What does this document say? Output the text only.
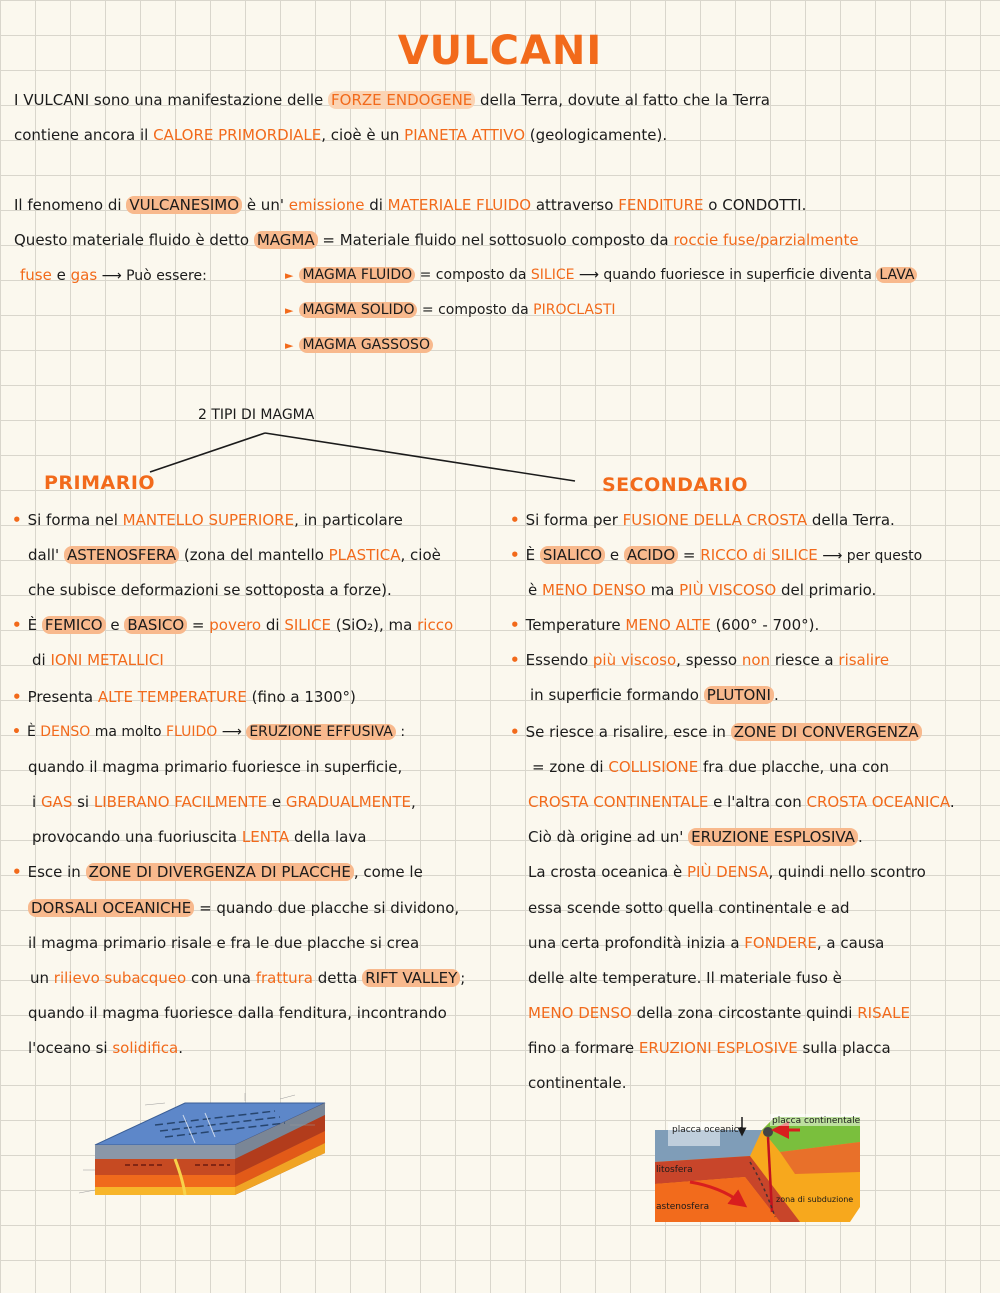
VULCANI
I VULCANI sono una manifestazione delle FORZE ENDOGENE della Terra, dovute al fatto che la Terra
contiene ancora il CALORE PRIMORDIALE, cioè è un PIANETA ATTIVO (geologicamente).
Il fenomeno di VULCANESIMO è un' emissione di MATERIALE FLUIDO attraverso FENDITURE o CONDOTTI.
Questo materiale fluido è detto MAGMA = Materiale fluido nel sottosuolo composto da roccie fuse/parzialmente
fuse e gas ⟶ Può essere:	► MAGMA FLUIDO = composto da SILICE ⟶ quando fuoriesce in superficie diventa LAVA
► MAGMA SOLIDO = composto da PIROCLASTI
► MAGMA GASSOSO
2 TIPI DI MAGMA
PRIMARIO	SECONDARIO
• Si forma nel MANTELLO SUPERIORE, in particolare
dall' ASTENOSFERA (zona del mantello PLASTICA, cioè
che subisce deformazioni se sottoposta a forze).
• È FEMICO e BASICO = povero di SILICE (SiO₂), ma ricco
di IONI METALLICI
• Presenta ALTE TEMPERATURE (fino a 1300°)
• È DENSO ma molto FLUIDO ⟶ ERUZIONE EFFUSIVA :
quando il magma primario fuoriesce in superficie,
i GAS si LIBERANO FACILMENTE e GRADUALMENTE,
provocando una fuoriuscita LENTA della lava
• Esce in ZONE DI DIVERGENZA DI PLACCHE , come le
DORSALI OCEANICHE = quando due placche si dividono,
il magma primario risale e fra le due placche si crea
un rilievo subacqueo con una frattura detta RIFT VALLEY ;
quando il magma fuoriesce dalla fenditura, incontrando
l'oceano si solidifica.
• Si forma per FUSIONE DELLA CROSTA della Terra.
• È SIALICO e ACIDO = RICCO di SILICE ⟶ per questo
è MENO DENSO ma PIÙ VISCOSO del primario.
• Temperature MENO ALTE (600° - 700°).
• Essendo più viscoso, spesso non riesce a risalire
in superficie formando PLUTONI .
• Se riesce a risalire, esce in ZONE DI CONVERGENZA
= zone di COLLISIONE fra due placche, una con
CROSTA CONTINENTALE e l'altra con CROSTA OCEANICA.
Ciò dà origine ad un' ERUZIONE ESPLOSIVA .
La crosta oceanica è PIÙ DENSA, quindi nello scontro
essa scende sotto quella continentale e ad
una certa profondità inizia a FONDERE, a causa
delle alte temperature. Il materiale fuso è
MENO DENSO della zona circostante quindi RISALE
fino a formare ERUZIONI ESPLOSIVE sulla placca
continentale.
placca oceanica
placca continentale
litosfera
astenosfera
zona di subduzione
